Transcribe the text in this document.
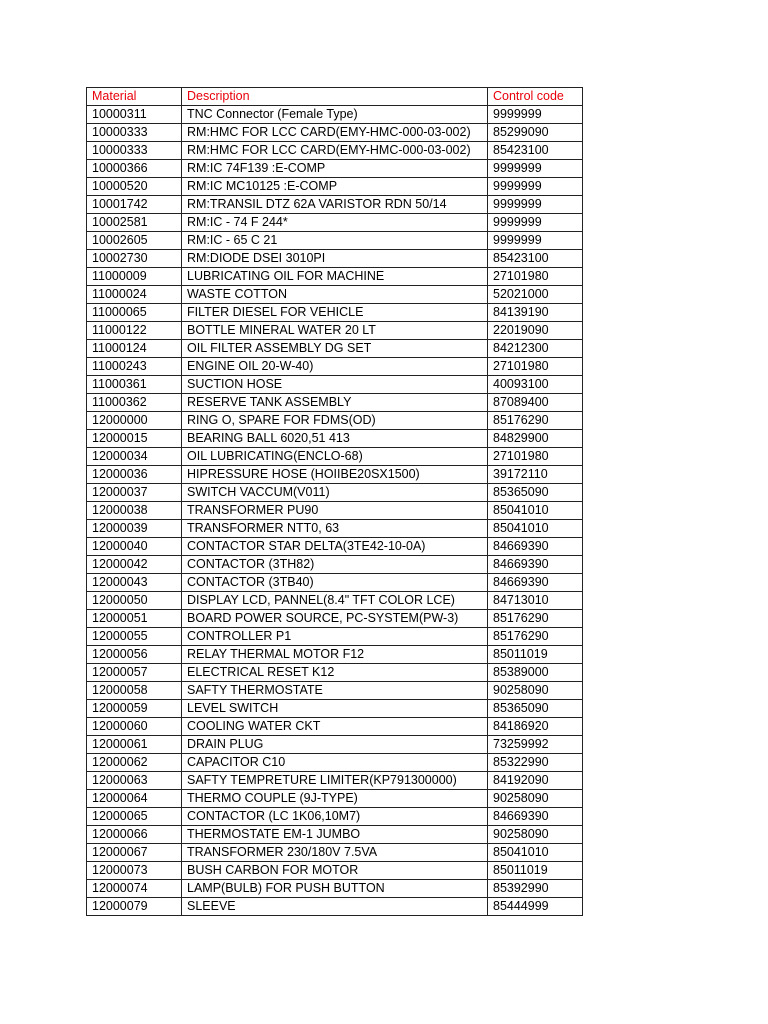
Material	Description	Control code
10000311	TNC Connector (Female Type)	9999999
10000333	RM:HMC FOR LCC CARD(EMY-HMC-000-03-002)	85299090
10000333	RM:HMC FOR LCC CARD(EMY-HMC-000-03-002)	85423100
10000366	RM:IC 74F139 :E-COMP	9999999
10000520	RM:IC MC10125 :E-COMP	9999999
10001742	RM:TRANSIL DTZ 62A VARISTOR RDN 50/14	9999999
10002581	RM:IC - 74 F 244*	9999999
10002605	RM:IC - 65 C 21	9999999
10002730	RM:DIODE DSEI 3010PI	85423100
11000009	LUBRICATING OIL FOR MACHINE	27101980
11000024	WASTE COTTON	52021000
11000065	FILTER DIESEL FOR VEHICLE	84139190
11000122	BOTTLE MINERAL WATER 20 LT	22019090
11000124	OIL FILTER ASSEMBLY DG SET	84212300
11000243	ENGINE OIL 20-W-40)	27101980
11000361	SUCTION HOSE	40093100
11000362	RESERVE TANK ASSEMBLY	87089400
12000000	RING O, SPARE FOR FDMS(OD)	85176290
12000015	BEARING BALL 6020,51 413	84829900
12000034	OIL LUBRICATING(ENCLO-68)	27101980
12000036	HIPRESSURE HOSE (HOIIBE20SX1500)	39172110
12000037	SWITCH VACCUM(V011)	85365090
12000038	TRANSFORMER PU90	85041010
12000039	TRANSFORMER NTT0, 63	85041010
12000040	CONTACTOR STAR DELTA(3TE42-10-0A)	84669390
12000042	CONTACTOR (3TH82)	84669390
12000043	CONTACTOR (3TB40)	84669390
12000050	DISPLAY LCD, PANNEL(8.4" TFT COLOR LCE)	84713010
12000051	BOARD POWER SOURCE, PC-SYSTEM(PW-3)	85176290
12000055	CONTROLLER P1	85176290
12000056	RELAY THERMAL MOTOR F12	85011019
12000057	ELECTRICAL RESET K12	85389000
12000058	SAFTY THERMOSTATE	90258090
12000059	LEVEL SWITCH	85365090
12000060	COOLING WATER CKT	84186920
12000061	DRAIN PLUG	73259992
12000062	CAPACITOR C10	85322990
12000063	SAFTY TEMPRETURE LIMITER(KP791300000)	84192090
12000064	THERMO COUPLE (9J-TYPE)	90258090
12000065	CONTACTOR (LC 1K06,10M7)	84669390
12000066	THERMOSTATE EM-1 JUMBO	90258090
12000067	TRANSFORMER 230/180V 7.5VA	85041010
12000073	BUSH CARBON FOR MOTOR	85011019
12000074	LAMP(BULB) FOR PUSH BUTTON	85392990
12000079	SLEEVE	85444999
